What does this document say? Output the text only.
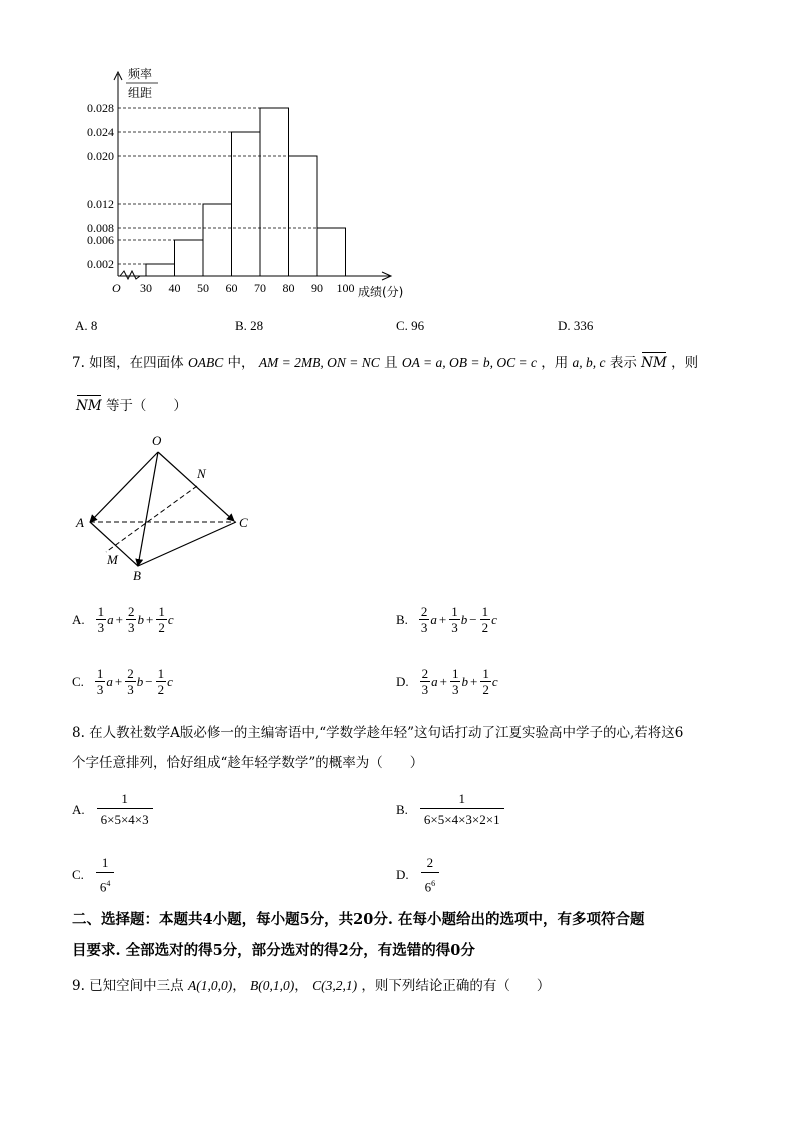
频率
组距
O
0.002
0.006
0.008
0.012
0.020
0.024
0.028
30 40 50 60 70 80 90 100 成绩(分)
A. 8	B. 28	C. 96	D. 336
7. 如图，在四面体 OABC 中， AM = 2MB, ON = NC 且 OA = a, OB = b, OC = c ，用 a, b, c 表示 NM ，则
NM 等于（　　）
O
N
A	C
M
B
A. $\frac{1}{3}$ $a + \frac{2}{3}$ $b + \frac{1}{2}$ c	B. $\frac{2}{3}$ $a + \frac{1}{3}$ $b - \frac{1}{2}$ c
C. $\frac{1}{3}$ $a + \frac{2}{3}$ $b - \frac{1}{2}$ c	D. $\frac{2}{3}$ $a + \frac{1}{3}$ $b + \frac{1}{2}$ c
8. 在人教社数学A版必修一的主编寄语中,“学数学趁年轻”这句话打动了江夏实验高中学子的心,若将这6
个字任意排列，恰好组成“趁年轻学数学”的概率为（　　）
A. $\frac{1}{6\times 5\times 4\times 3}$	B. $\frac{1}{6\times 5\times 4\times 3\times 2\times 1}$
C. $\frac{1}{6^4}$	D. $\frac{2}{6^6}$
二、选择题：本题共4小题，每小题5分，共20分. 在每小题给出的选项中，有多项符合题
目要求. 全部选对的得5分，部分选对的得2分，有选错的得0分
9. 已知空间中三点 A(1,0,0)， B(0,1,0)， C(3,2,1) ，则下列结论正确的有（　　）
